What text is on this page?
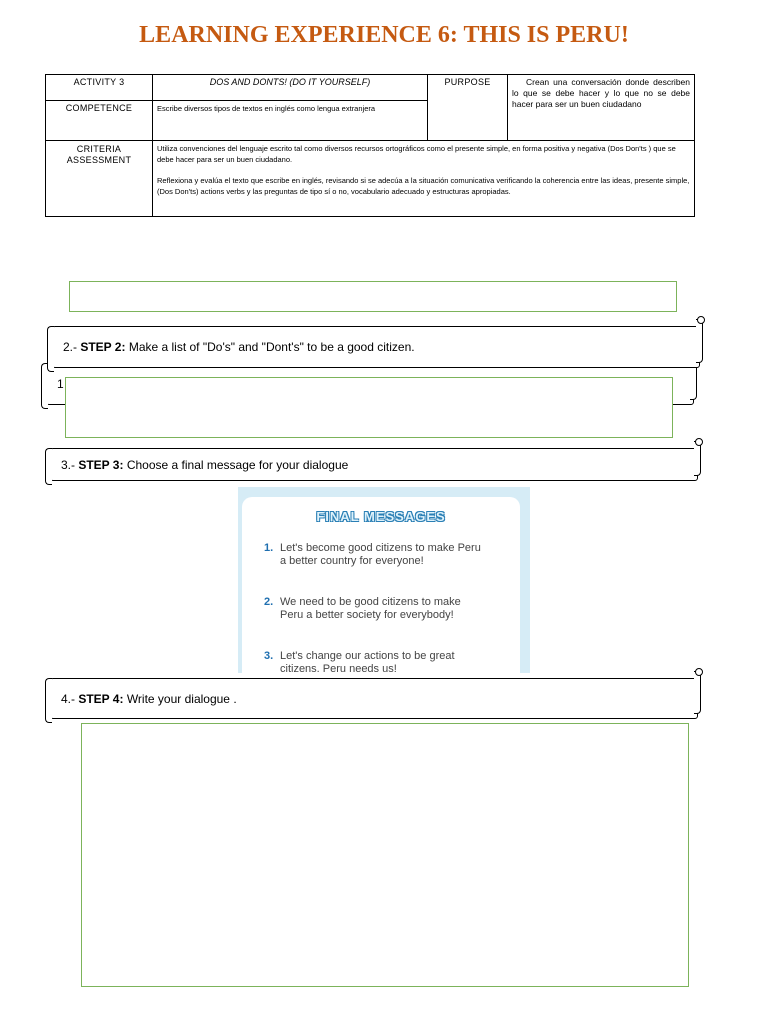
LEARNING EXPERIENCE 6: THIS IS PERU!
ACTIVITY 3	DOS AND DONTS! (DO IT YOURSELF)	PURPOSE	Crean una conversación donde describen lo que se debe hacer y lo que no se debe hacer para ser un buen ciudadano
COMPETENCE	Escribe diversos tipos de textos en inglés como lengua extranjera		
CRITERIA ASSESSMENT	Utiliza convenciones del lenguaje escrito tal como diversos recursos ortográficos como el presente simple, en forma positiva y negativa (Dos Don'ts ) que se debe hacer para ser un buen ciudadano.
Reflexiona y evalúa el texto que escribe en inglés, revisando si se adecúa a la situación comunicativa verificando la coherencia entre las ideas, presente simple, (Dos Don'ts) actions verbs y las preguntas de tipo sí o no, vocabulario adecuado y estructuras apropiadas.		
1
2.- STEP 2: Make a list of "Do's" and "Dont's" to be a good citizen.
3.- STEP 3: Choose a final message for your dialogue
FINAL MESSAGES
1. Let's become good citizens to make Peru a better country for everyone!
2. We need to be good citizens to make Peru a better society for everybody!
3. Let's change our actions to be great citizens. Peru needs us!
4.- STEP 4: Write your dialogue .
